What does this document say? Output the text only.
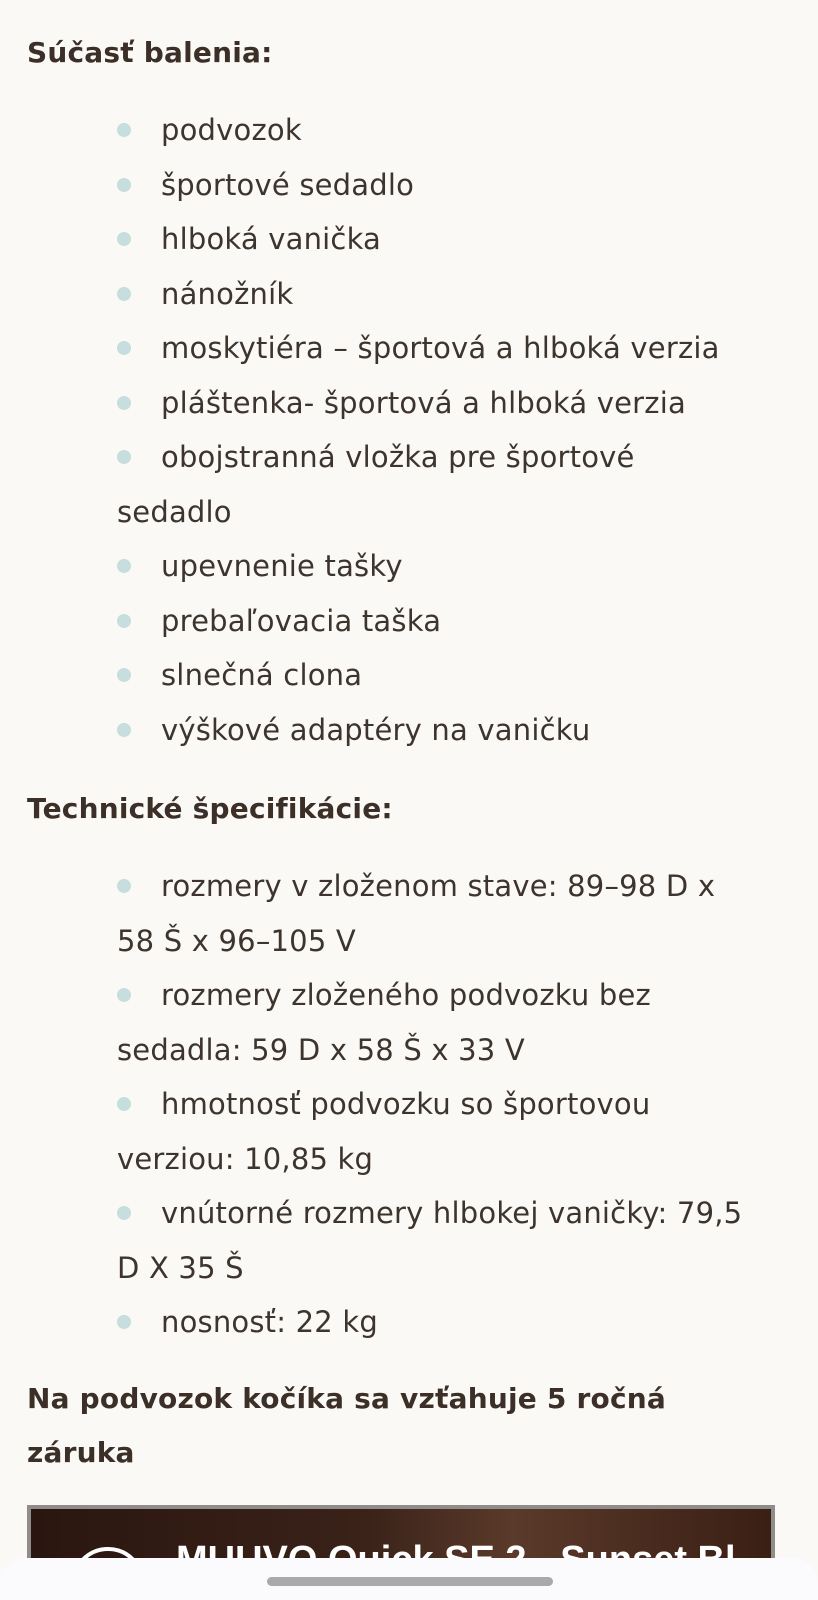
Súčasť balenia:
podvozok
športové sedadlo
hlboká vanička
nánožník
moskytiéra – športová a hlboká verzia
pláštenka- športová a hlboká verzia
obojstranná vložka pre športové sedadlo
upevnenie tašky
prebaľovacia taška
slnečná clona
výškové adaptéry na vaničku
Technické špecifikácie:
rozmery v zloženom stave: 89–98 D x 58 Š x 96–105 V
rozmery zloženého podvozku bez sedadla: 59 D x 58 Š x 33 V
hmotnosť podvozku so športovou verziou: 10,85 kg
vnútorné rozmery hlbokej vaničky: 79,5 D X 35 Š
nosnosť: 22 kg

Na podvozok kočíka sa vzťahuje 5 ročná záruka
